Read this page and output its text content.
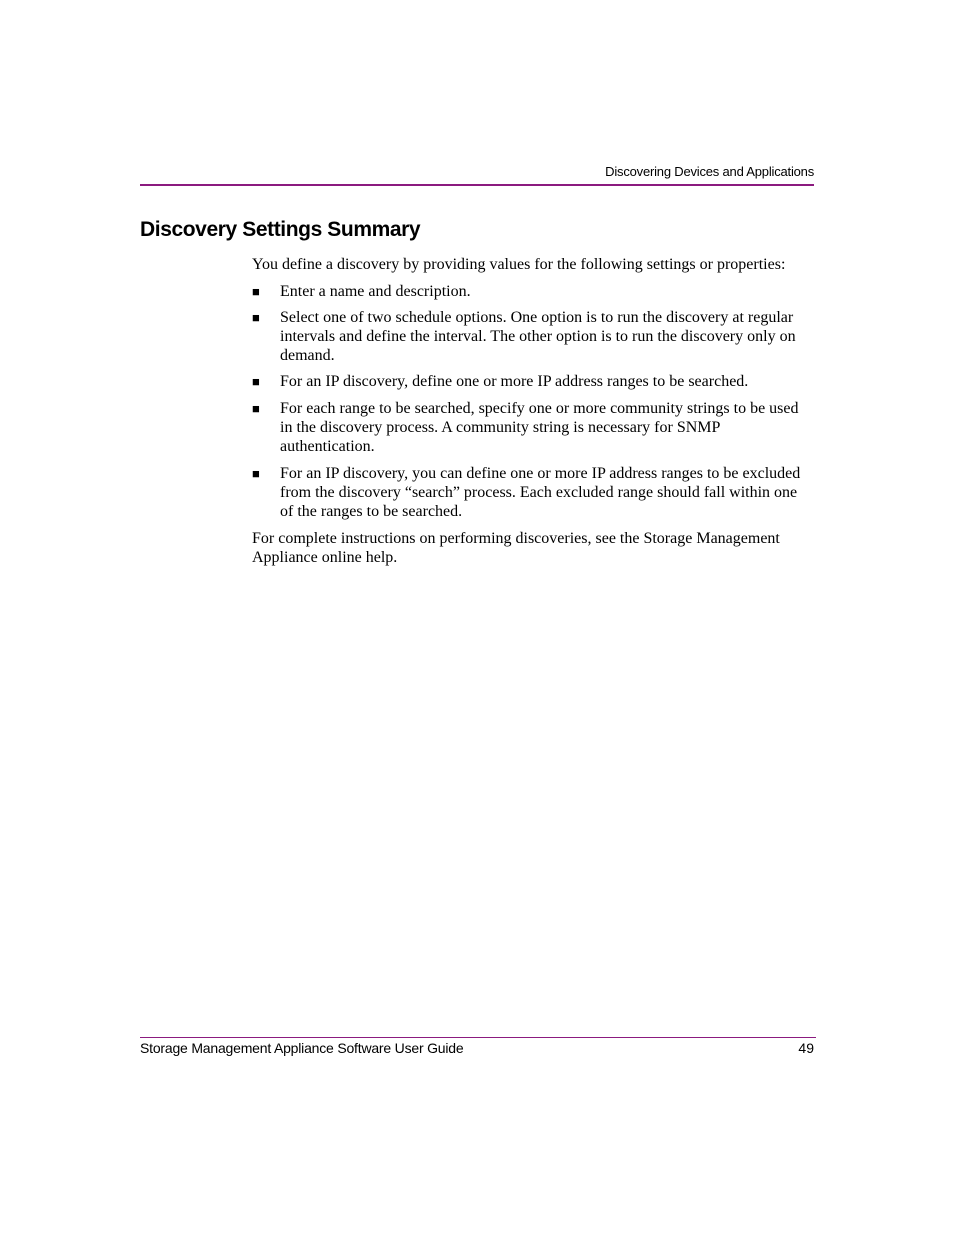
Discovering Devices and Applications
Discovery Settings Summary

You define a discovery by providing values for the following settings or properties:

■ Enter a name and description.
■ Select one of two schedule options. One option is to run the discovery at regular intervals and define the interval. The other option is to run the discovery only on demand.
■ For an IP discovery, define one or more IP address ranges to be searched.
■ For each range to be searched, specify one or more community strings to be used in the discovery process. A community string is necessary for SNMP authentication.
■ For an IP discovery, you can define one or more IP address ranges to be excluded from the discovery “search” process. Each excluded range should fall within one of the ranges to be searched.

For complete instructions on performing discoveries, see the Storage Management Appliance online help.

Storage Management Appliance Software User Guide	49
